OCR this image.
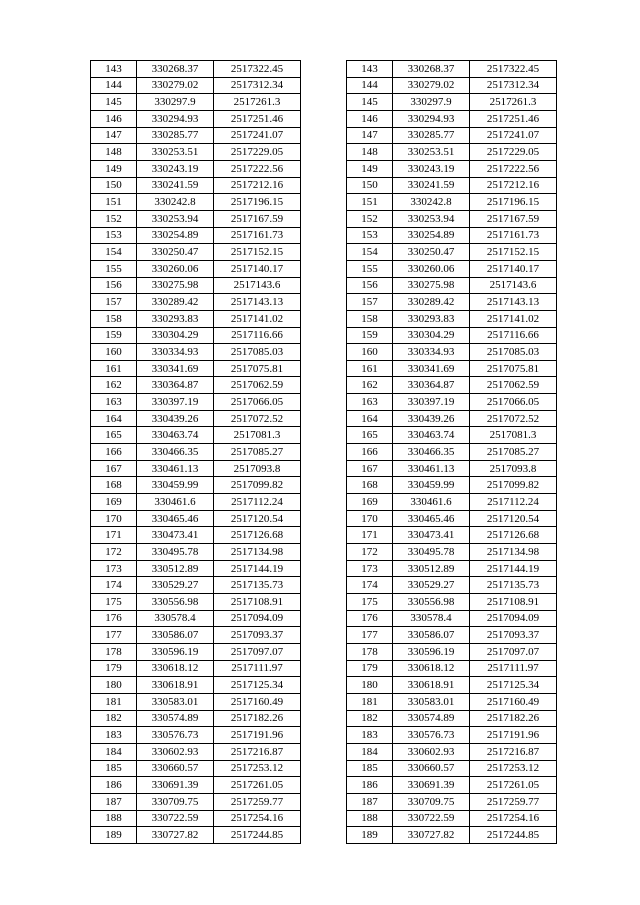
143	330268.37	2517322.45
144	330279.02	2517312.34
145	330297.9	2517261.3
146	330294.93	2517251.46
147	330285.77	2517241.07
148	330253.51	2517229.05
149	330243.19	2517222.56
150	330241.59	2517212.16
151	330242.8	2517196.15
152	330253.94	2517167.59
153	330254.89	2517161.73
154	330250.47	2517152.15
155	330260.06	2517140.17
156	330275.98	2517143.6
157	330289.42	2517143.13
158	330293.83	2517141.02
159	330304.29	2517116.66
160	330334.93	2517085.03
161	330341.69	2517075.81
162	330364.87	2517062.59
163	330397.19	2517066.05
164	330439.26	2517072.52
165	330463.74	2517081.3
166	330466.35	2517085.27
167	330461.13	2517093.8
168	330459.99	2517099.82
169	330461.6	2517112.24
170	330465.46	2517120.54
171	330473.41	2517126.68
172	330495.78	2517134.98
173	330512.89	2517144.19
174	330529.27	2517135.73
175	330556.98	2517108.91
176	330578.4	2517094.09
177	330586.07	2517093.37
178	330596.19	2517097.07
179	330618.12	2517111.97
180	330618.91	2517125.34
181	330583.01	2517160.49
182	330574.89	2517182.26
183	330576.73	2517191.96
184	330602.93	2517216.87
185	330660.57	2517253.12
186	330691.39	2517261.05
187	330709.75	2517259.77
188	330722.59	2517254.16
189	330727.82	2517244.85
143	330268.37	2517322.45
144	330279.02	2517312.34
145	330297.9	2517261.3
146	330294.93	2517251.46
147	330285.77	2517241.07
148	330253.51	2517229.05
149	330243.19	2517222.56
150	330241.59	2517212.16
151	330242.8	2517196.15
152	330253.94	2517167.59
153	330254.89	2517161.73
154	330250.47	2517152.15
155	330260.06	2517140.17
156	330275.98	2517143.6
157	330289.42	2517143.13
158	330293.83	2517141.02
159	330304.29	2517116.66
160	330334.93	2517085.03
161	330341.69	2517075.81
162	330364.87	2517062.59
163	330397.19	2517066.05
164	330439.26	2517072.52
165	330463.74	2517081.3
166	330466.35	2517085.27
167	330461.13	2517093.8
168	330459.99	2517099.82
169	330461.6	2517112.24
170	330465.46	2517120.54
171	330473.41	2517126.68
172	330495.78	2517134.98
173	330512.89	2517144.19
174	330529.27	2517135.73
175	330556.98	2517108.91
176	330578.4	2517094.09
177	330586.07	2517093.37
178	330596.19	2517097.07
179	330618.12	2517111.97
180	330618.91	2517125.34
181	330583.01	2517160.49
182	330574.89	2517182.26
183	330576.73	2517191.96
184	330602.93	2517216.87
185	330660.57	2517253.12
186	330691.39	2517261.05
187	330709.75	2517259.77
188	330722.59	2517254.16
189	330727.82	2517244.85
